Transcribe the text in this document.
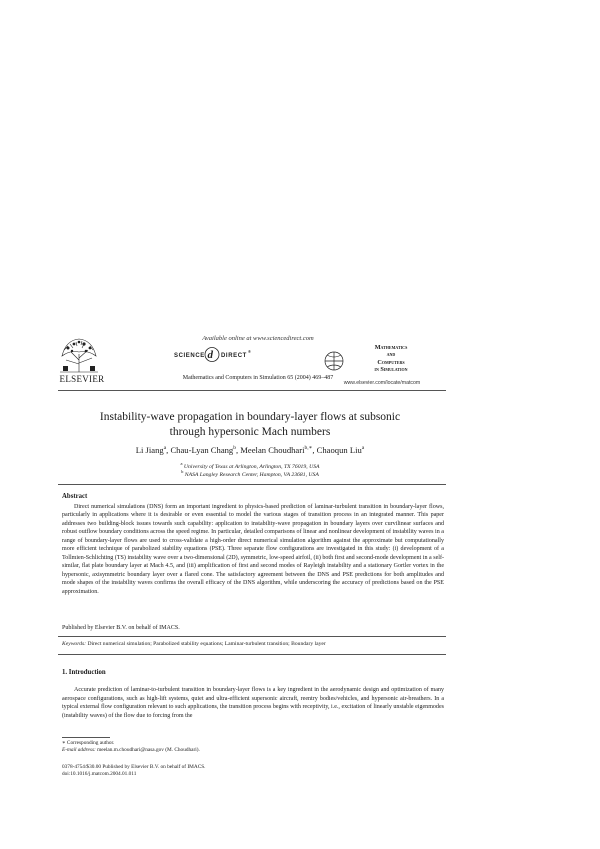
ELSEVIER
Available online at www.sciencedirect.com
SCIENCE d DIRECT
®
Mathematics and Computers in Simulation 65 (2004) 469–487
Mathematics
and
Computers
in Simulation
www.elsevier.com/locate/matcom
Instability-wave propagation in boundary-layer flows at subsonic
through hypersonic Mach numbers
Li Jiang$^a$, Chau-Lyan Chang$^b$, Meelan Choudhari$^{b,∗}$, Chaoqun Liu$^a$
$^a$ University of Texas at Arlington, Arlington, TX 76019, USA
$^b$ NASA Langley Research Center, Hampton, VA 23681, USA
Abstract
Direct numerical simulations (DNS) form an important ingredient to physics-based prediction of laminar-turbulent transition in boundary-layer flows, particularly in applications where it is desirable or even essential to model the various stages of transition process in an integrated manner. This paper addresses two building-block issues towards such capability: application to instability-wave propagation in boundary layers over curvilinear surfaces and robust outflow boundary conditions across the speed regime. In particular, detailed comparisons of linear and nonlinear development of instability waves in a range of boundary-layer flows are used to cross-validate a high-order direct numerical simulation algorithm against the approximate but computationally more efficient technique of parabolized stability equations (PSE). Three separate flow configurations are investigated in this study: (i) development of a Tollmien-Schlichting (TS) instability wave over a two-dimensional (2D), symmetric, low-speed airfoil, (ii) both first and second-mode development in a self-similar, flat plate boundary layer at Mach 4.5, and (iii) amplification of first and second modes of Rayleigh instability and a stationary Gortler vortex in the hypersonic, axisymmetric boundary layer over a flared cone. The satisfactory agreement between the DNS and PSE predictions for both amplitudes and mode shapes of the instability waves confirms the overall efficacy of the DNS algorithm, while underscoring the accuracy of predictions based on the PSE approximation.
Published by Elsevier B.V. on behalf of IMACS.
Keywords: Direct numerical simulation; Parabolized stability equations; Laminar-turbulent transition; Boundary layer
1. Introduction
Accurate prediction of laminar-to-turbulent transition in boundary-layer flows is a key ingredient in the aerodynamic design and optimization of many aerospace configurations, such as high-lift systems, quiet and ultra-efficient supersonic aircraft, reentry bodies/vehicles, and hypersonic air-breathers. In a typical external flow configuration relevant to such applications, the transition process begins with receptivity, i.e., excitation of linearly unstable eigenmodes (instability waves) of the flow due to forcing from the
∗ Corresponding author.
E-mail address: meelan.m.choudhari@nasa.gov (M. Choudhari).
0378-4754/$30.00 Published by Elsevier B.V. on behalf of IMACS.
doi:10.1016/j.matcom.2004.01.011
